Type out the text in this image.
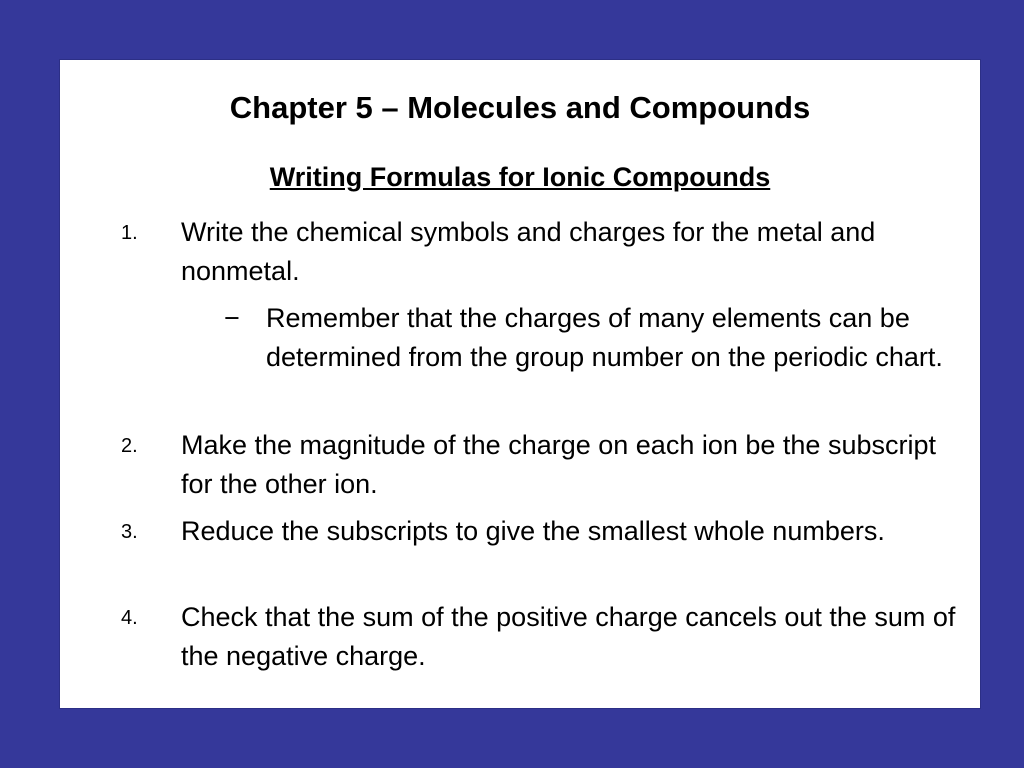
Chapter 5 – Molecules and Compounds
Writing Formulas for Ionic Compounds
1. Write the chemical symbols and charges for the metal and nonmetal.
− Remember that the charges of many elements can be determined from the group number on the periodic chart.
2. Make the magnitude of the charge on each ion be the subscript for the other ion.
3. Reduce the subscripts to give the smallest whole numbers.
4. Check that the sum of the positive charge cancels out the sum of the negative charge.
